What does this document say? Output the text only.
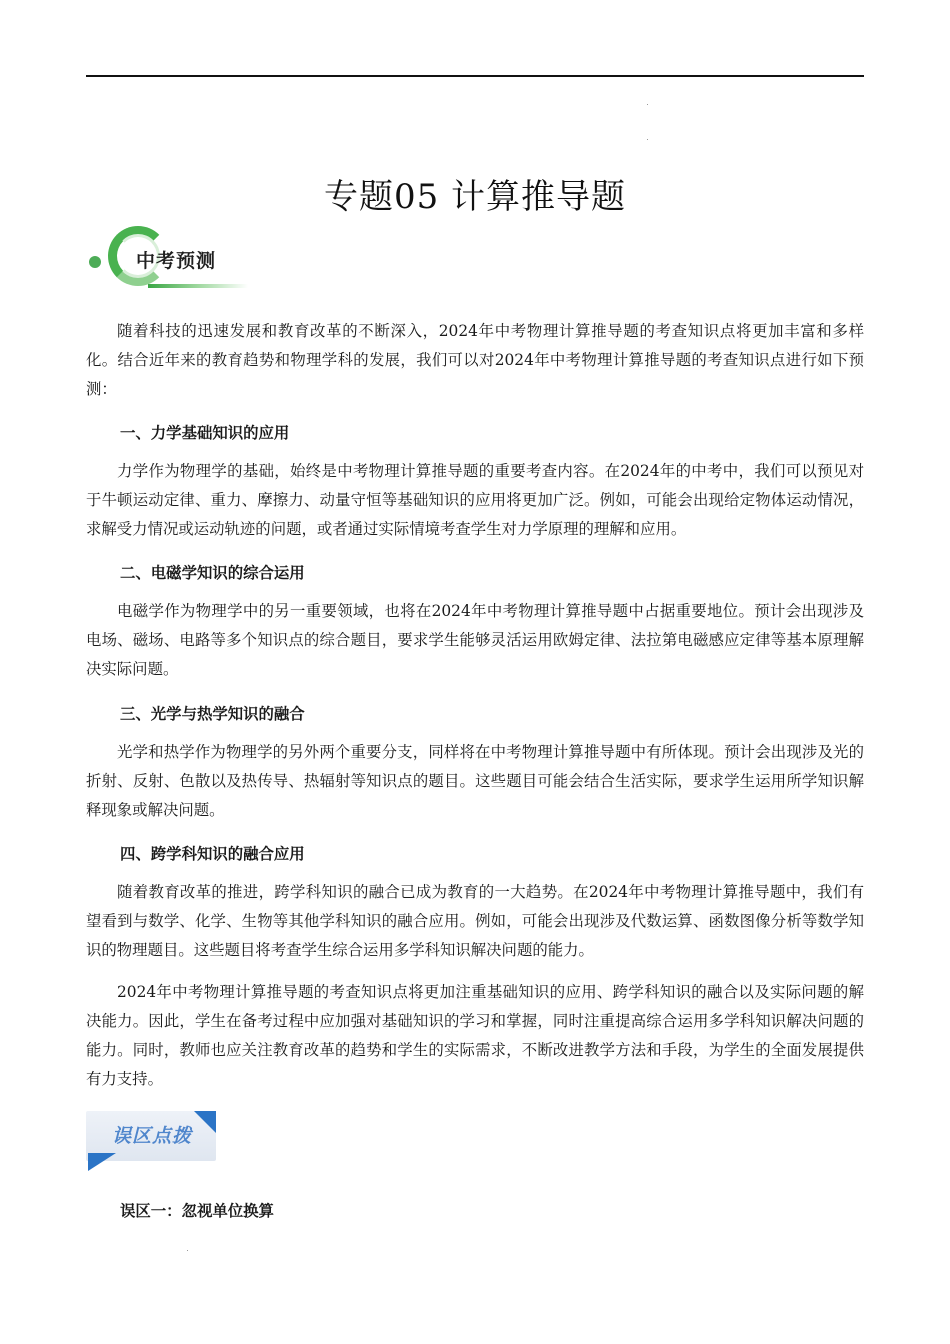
专题05 计算推导题
中考预测

随着科技的迅速发展和教育改革的不断深入，2024年中考物理计算推导题的考查知识点将更加丰富和多样化。结合近年来的教育趋势和物理学科的发展，我们可以对2024年中考物理计算推导题的考查知识点进行如下预测：

一、力学基础知识的应用

力学作为物理学的基础，始终是中考物理计算推导题的重要考查内容。在2024年的中考中，我们可以预见对于牛顿运动定律、重力、摩擦力、动量守恒等基础知识的应用将更加广泛。例如，可能会出现给定物体运动情况，求解受力情况或运动轨迹的问题，或者通过实际情境考查学生对力学原理的理解和应用。

二、电磁学知识的综合运用

电磁学作为物理学中的另一重要领域，也将在2024年中考物理计算推导题中占据重要地位。预计会出现涉及电场、磁场、电路等多个知识点的综合题目，要求学生能够灵活运用欧姆定律、法拉第电磁感应定律等基本原理解决实际问题。

三、光学与热学知识的融合

光学和热学作为物理学的另外两个重要分支，同样将在中考物理计算推导题中有所体现。预计会出现涉及光的折射、反射、色散以及热传导、热辐射等知识点的题目。这些题目可能会结合生活实际，要求学生运用所学知识解释现象或解决问题。

四、跨学科知识的融合应用

随着教育改革的推进，跨学科知识的融合已成为教育的一大趋势。在2024年中考物理计算推导题中，我们有望看到与数学、化学、生物等其他学科知识的融合应用。例如，可能会出现涉及代数运算、函数图像分析等数学知识的物理题目。这些题目将考查学生综合运用多学科知识解决问题的能力。

2024年中考物理计算推导题的考查知识点将更加注重基础知识的应用、跨学科知识的融合以及实际问题的解决能力。因此，学生在备考过程中应加强对基础知识的学习和掌握，同时注重提高综合运用多学科知识解决问题的能力。同时，教师也应关注教育改革的趋势和学生的实际需求，不断改进教学方法和手段，为学生的全面发展提供有力支持。

误区点拨

误区一：忽视单位换算
